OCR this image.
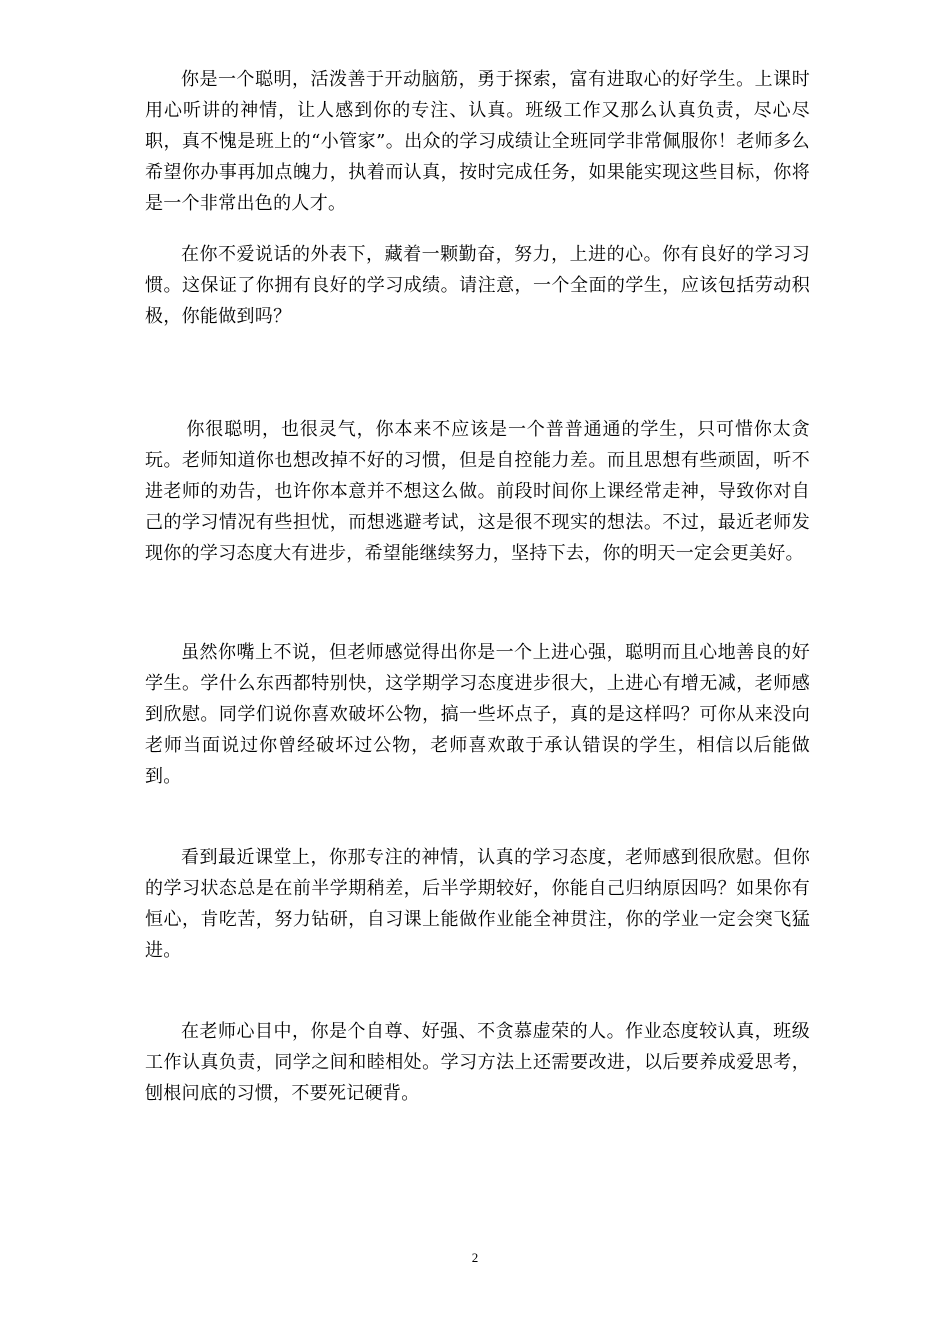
你是一个聪明，活泼善于开动脑筋，勇于探索，富有进取心的好学生。上课时用心听讲的神情，让人感到你的专注、认真。班级工作又那么认真负责，尽心尽职，真不愧是班上的“小管家”。出众的学习成绩让全班同学非常佩服你！老师多么希望你办事再加点魄力，执着而认真，按时完成任务，如果能实现这些目标，你将是一个非常出色的人才。

在你不爱说话的外表下，藏着一颗勤奋，努力，上进的心。你有良好的学习习惯。这保证了你拥有良好的学习成绩。请注意，一个全面的学生，应该包括劳动积极，你能做到吗？

你很聪明，也很灵气，你本来不应该是一个普普通通的学生，只可惜你太贪玩。老师知道你也想改掉不好的习惯，但是自控能力差。而且思想有些顽固，听不进老师的劝告，也许你本意并不想这么做。前段时间你上课经常走神，导致你对自己的学习情况有些担忧，而想逃避考试，这是很不现实的想法。不过，最近老师发现你的学习态度大有进步，希望能继续努力，坚持下去，你的明天一定会更美好。

虽然你嘴上不说，但老师感觉得出你是一个上进心强，聪明而且心地善良的好学生。学什么东西都特别快，这学期学习态度进步很大，上进心有增无减，老师感到欣慰。同学们说你喜欢破坏公物，搞一些坏点子，真的是这样吗？可你从来没向老师当面说过你曾经破坏过公物，老师喜欢敢于承认错误的学生，相信以后能做到。

看到最近课堂上，你那专注的神情，认真的学习态度，老师感到很欣慰。但你的学习状态总是在前半学期稍差，后半学期较好，你能自己归纳原因吗？如果你有恒心，肯吃苦，努力钻研，自习课上能做作业能全神贯注，你的学业一定会突飞猛进。

在老师心目中，你是个自尊、好强、不贪慕虚荣的人。作业态度较认真，班级工作认真负责，同学之间和睦相处。学习方法上还需要改进，以后要养成爱思考，刨根问底的习惯，不要死记硬背。

2
